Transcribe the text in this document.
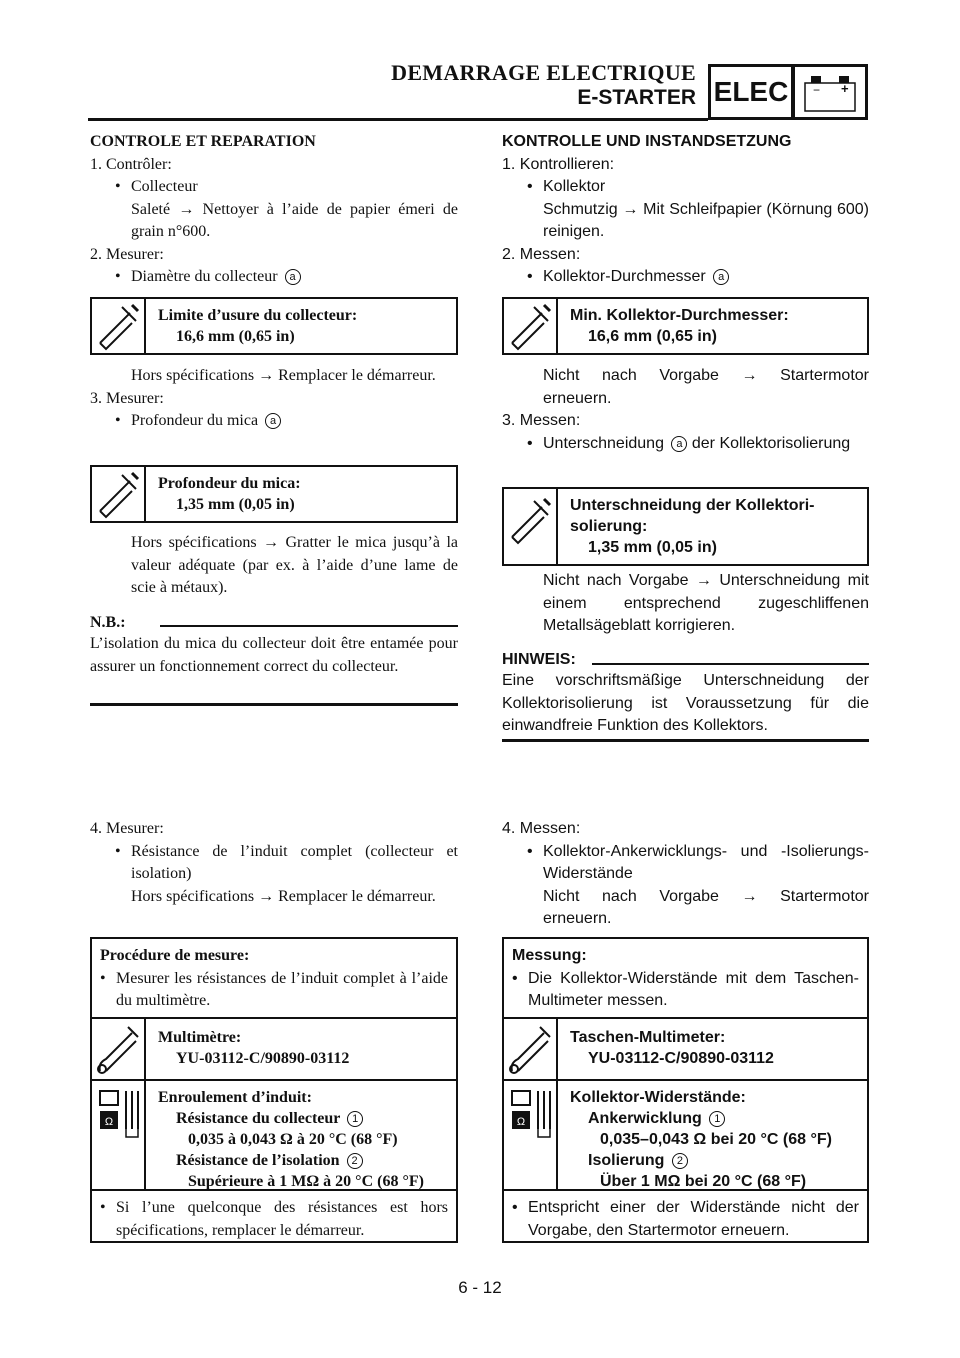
DEMARRAGE ELECTRIQUE
E-STARTER ELEC	− +
CONTROLE ET REPARATION
1. Contrôler:
• Collecteur
Saleté → Nettoyer à l’aide de papier émeri de grain n°600.
2. Mesurer:
• Diamètre du collecteur a
Limite d’usure du collecteur:
16,6 mm (0,65 in)
Hors spécifications → Remplacer le démarreur.
3. Mesurer:
• Profondeur du mica a
Profondeur du mica:
1,35 mm (0,05 in)
Hors spécifications → Gratter le mica jusqu’à la valeur adéquate (par ex. à l’aide d’une lame de scie à métaux).
N.B.:
L’isolation du mica du collecteur doit être entamée pour assurer un fonctionnement correct du collecteur.
KONTROLLE UND INSTANDSETZUNG
1. Kontrollieren:
• Kollektor
Schmutzig → Mit Schleifpapier (Körnung 600) reinigen.
2. Messen:
• Kollektor-Durchmesser a
Min. Kollektor-Durchmesser:
16,6 mm (0,65 in)
Nicht nach Vorgabe → Startermotor erneuern.
3. Messen:
• Unterschneidung a der Kollektorisolierung
Unterschneidung der Kollektori-
solierung:
1,35 mm (0,05 in)
Nicht nach Vorgabe → Unterschneidung mit einem entsprechend zugeschliffenen Metallsägeblatt korrigieren.
HINWEIS:
Eine vorschriftsmäßige Unterschneidung der Kollektorisolierung ist Voraussetzung für die einwandfreie Funktion des Kollektors.
4. Mesurer:
• Résistance de l’induit complet (collecteur et isolation)
Hors spécifications → Remplacer le démarreur.
Procédure de mesure:
• Mesurer les résistances de l’induit complet à l’aide du multimètre.
Multimètre:
YU-03112-C/90890-03112
Ω
Enroulement d’induit:
Résistance du collecteur 1
0,035 à 0,043 Ω à 20 °C (68 °F)
Résistance de l’isolation 2
Supérieure à 1 MΩ à 20 °C (68 °F)
• Si l’une quelconque des résistances est hors spécifications, remplacer le démarreur.
4. Messen:
• Kollektor-Ankerwicklungs- und -Isolierungs-Widerstände
Nicht nach Vorgabe → Startermotor erneuern.
Messung:
• Die Kollektor-Widerstände mit dem Taschen-Multimeter messen.
Taschen-Multimeter:
YU-03112-C/90890-03112
Ω
Kollektor-Widerstände:
Ankerwicklung 1
0,035–0,043 Ω bei 20 °C (68 °F)
Isolierung 2
Über 1 MΩ bei 20 °C (68 °F)
• Entspricht einer der Widerstände nicht der Vorgabe, den Startermotor erneuern.
6 - 12
